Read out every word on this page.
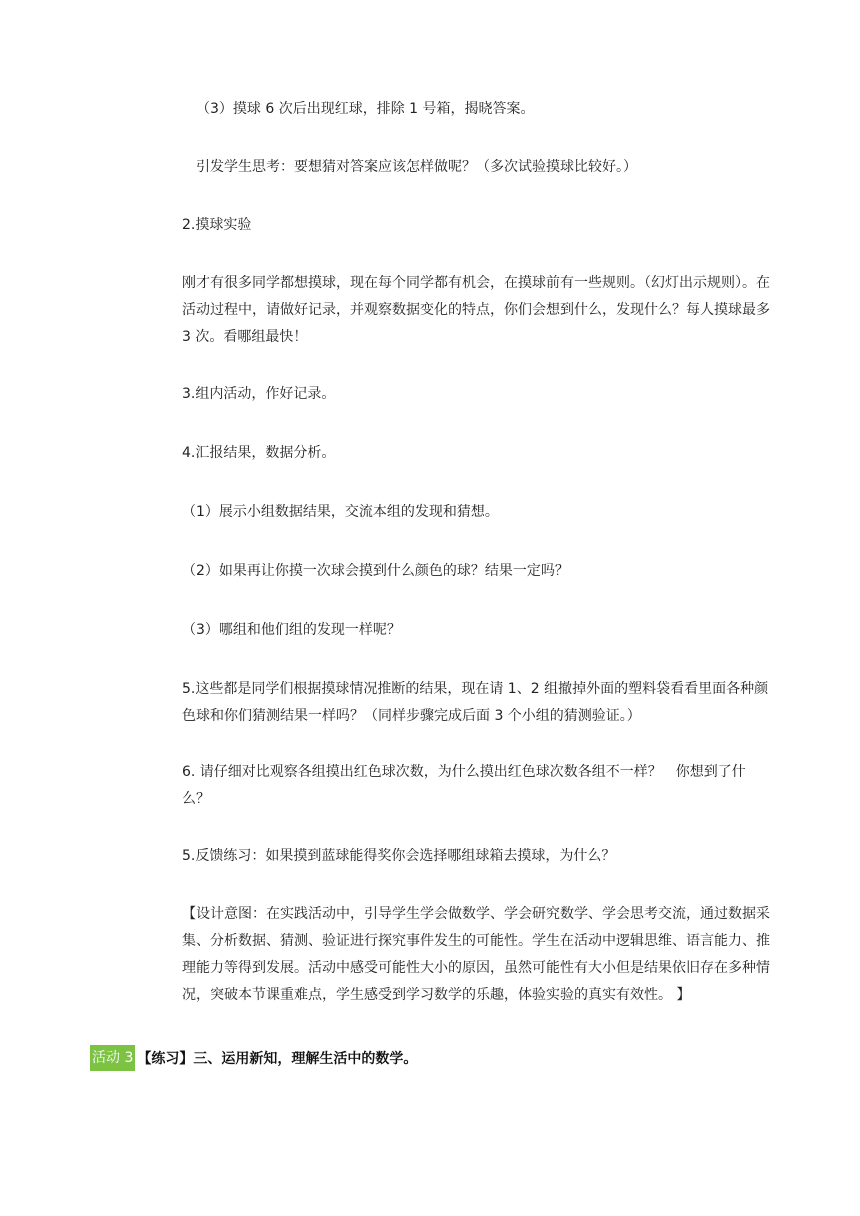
（3）摸球 6 次后出现红球，排除 1 号箱，揭晓答案。

引发学生思考：要想猜对答案应该怎样做呢？（多次试验摸球比较好。）

2.摸球实验

刚才有很多同学都想摸球，现在每个同学都有机会，在摸球前有一些规则。（幻灯出示规则）。在活动过程中，请做好记录，并观察数据变化的特点，你们会想到什么，发现什么？每人摸球最多 3 次。看哪组最快！

3.组内活动，作好记录。

4.汇报结果，数据分析。

（1）展示小组数据结果，交流本组的发现和猜想。

（2）如果再让你摸一次球会摸到什么颜色的球？结果一定吗？

（3）哪组和他们组的发现一样呢？

5.这些都是同学们根据摸球情况推断的结果，现在请 1、2 组撤掉外面的塑料袋看看里面各种颜色球和你们猜测结果一样吗？（同样步骤完成后面 3 个小组的猜测验证。）

6. 请仔细对比观察各组摸出红色球次数，为什么摸出红色球次数各组不一样？　你想到了什么？

5.反馈练习：如果摸到蓝球能得奖你会选择哪组球箱去摸球，为什么？

【设计意图：在实践活动中，引导学生学会做数学、学会研究数学、学会思考交流，通过数据采集、分析数据、猜测、验证进行探究事件发生的可能性。学生在活动中逻辑思维、语言能力、推理能力等得到发展。活动中感受可能性大小的原因，虽然可能性有大小但是结果依旧存在多种情况，突破本节课重难点，学生感受到学习数学的乐趣，体验实验的真实有效性。 】

活动 3 【练习】三、运用新知，理解生活中的数学。
